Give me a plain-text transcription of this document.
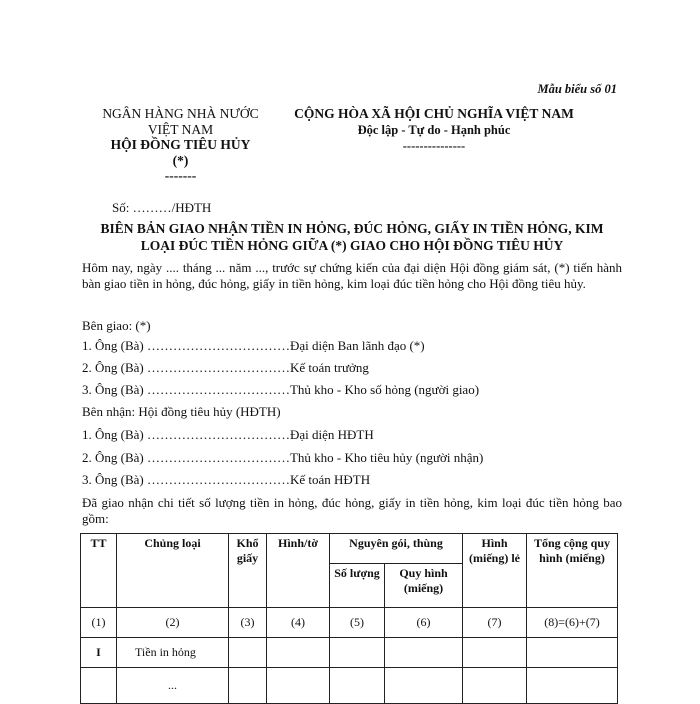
Mẫu biểu số 01
NGÂN HÀNG NHÀ NƯỚC
VIỆT NAM
HỘI ĐỒNG TIÊU HỦY
(*)
-------
CỘNG HÒA XÃ HỘI CHỦ NGHĨA VIỆT NAM
Độc lập - Tự do - Hạnh phúc
---------------
Số: ………/HĐTH
BIÊN BẢN GIAO NHẬN TIỀN IN HỎNG, ĐÚC HỎNG, GIẤY IN TIỀN HỎNG, KIM
LOẠI ĐÚC TIỀN HỎNG GIỮA (*) GIAO CHO HỘI ĐỒNG TIÊU HỦY
Hôm nay, ngày .... tháng ... năm ..., trước sự chứng kiến của đại diện Hội đồng giám sát, (*) tiến hành bàn giao tiền in hỏng, đúc hỏng, giấy in tiền hỏng, kim loại đúc tiền hỏng cho Hội đồng tiêu hủy.
Bên giao: (*)
1. Ông (Bà) ……………………………Đại diện Ban lãnh đạo (*)
2. Ông (Bà) ……………………………Kế toán trưởng
3. Ông (Bà) ……………………………Thủ kho - Kho số hỏng (người giao)
Bên nhận: Hội đồng tiêu hủy (HĐTH)
1. Ông (Bà) ……………………………Đại diện HĐTH
2. Ông (Bà) ……………………………Thủ kho - Kho tiêu hủy (người nhận)
3. Ông (Bà) ……………………………Kế toán HĐTH
Đã giao nhận chi tiết số lượng tiền in hỏng, đúc hỏng, giấy in tiền hỏng, kim loại đúc tiền hỏng bao gồm:
TT	Chủng loại	Khổ giấy	Hình/tờ	Nguyên gói, thùng		Hình (miếng) lẻ	Tổng cộng quy hình (miếng)
				Số lượng	Quy hình (miếng)		
(1)	(2)	(3)	(4)	(5)	(6)	(7)	(8)=(6)+(7)
I	Tiền in hỏng						
	...						
